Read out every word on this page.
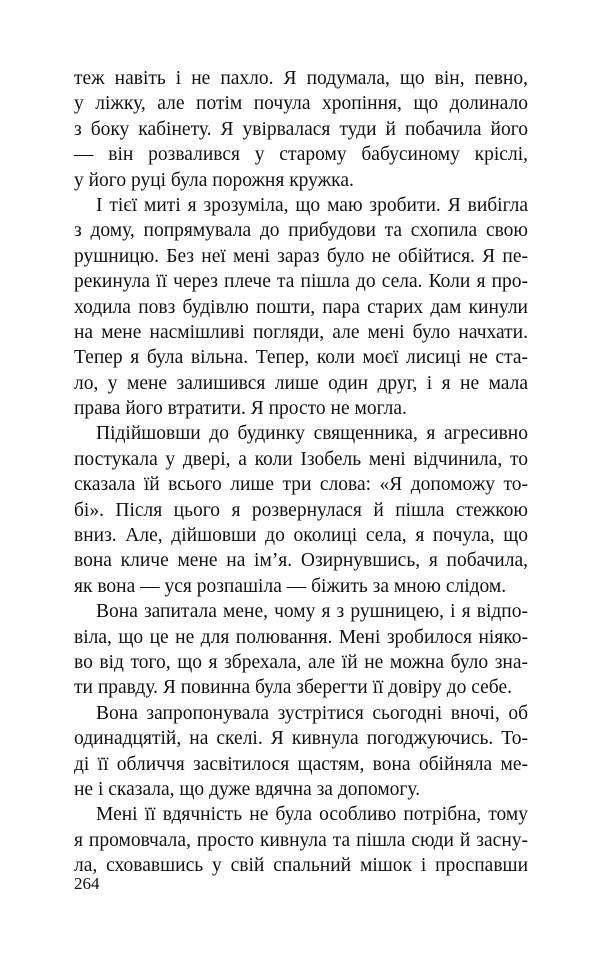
теж навіть і не пахло. Я подумала, що він, певно,
у ліжку, але потім почула хропіння, що долинало
з боку кабінету. Я увірвалася туди й побачила його
— він розвалився у старому бабусиному кріслі,
у його руці була порожня кружка.
І тієї миті я зрозуміла, що маю зробити. Я вибігла
з дому, попрямувала до прибудови та схопила свою
рушницю. Без неї мені зараз було не обійтися. Я пе-
рекинула її через плече та пішла до села. Коли я про-
ходила повз будівлю пошти, пара старих дам кинули
на мене насмішливі погляди, але мені було начхати.
Тепер я була вільна. Тепер, коли моєї лисиці не ста-
ло, у мене залишився лише один друг, і я не мала
права його втратити. Я просто не могла.
Підійшовши до будинку священника, я агресивно
постукала у двері, а коли Ізобель мені відчинила, то
сказала їй всього лише три слова: «Я допоможу то-
бі». Після цього я розвернулася й пішла стежкою
вниз. Але, дійшовши до околиці села, я почула, що
вона кличе мене на ім’я. Озирнувшись, я побачила,
як вона — уся розпашіла — біжить за мною слідом.
Вона запитала мене, чому я з рушницею, і я відпо-
віла, що це не для полювання. Мені зробилося ніяко-
во від того, що я збрехала, але їй не можна було зна-
ти правду. Я повинна була зберегти її довіру до себе.
Вона запропонувала зустрітися сьогодні вночі, об
одинадцятій, на скелі. Я кивнула погоджуючись. То-
ді її обличчя засвітилося щастям, вона обійняла ме-
не і сказала, що дуже вдячна за допомогу.
Мені її вдячність не була особливо потрібна, тому
я промовчала, просто кивнула та пішла сюди й засну-
ла, сховавшись у свій спальний мішок і проспавши
264
